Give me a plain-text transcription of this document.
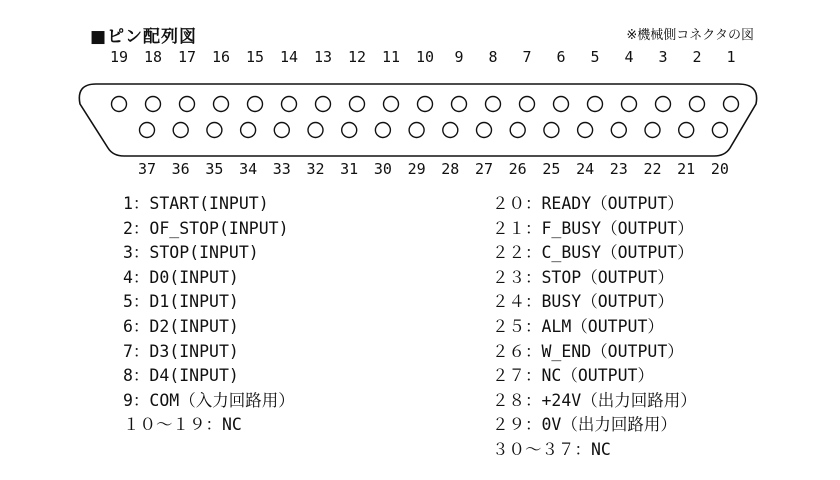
■ピン配列図	※機械側コネクタの図
19 18 17 16 15 14 13 12 11 10 9 8 7 6 5 4 3 2 1
37 36 35 34 33 32 31 30 29 28 27 26 25 24 23 22 21 20
1：START(INPUT)
2：OF_STOP(INPUT)
3：STOP(INPUT)
4：D0(INPUT)
5：D1(INPUT)
6：D2(INPUT)
7：D3(INPUT)
8：D4(INPUT)
9：COM（入力回路用）
１０～１９：NC
２０：READY（OUTPUT）
２１：F_BUSY（OUTPUT）
２２：C_BUSY（OUTPUT）
２３：STOP（OUTPUT）
２４：BUSY（OUTPUT）
２５：ALM（OUTPUT）
２６：W_END（OUTPUT）
２７：NC（OUTPUT）
２８：+24V（出力回路用）
２９：0V（出力回路用）
３０～３７：NC
